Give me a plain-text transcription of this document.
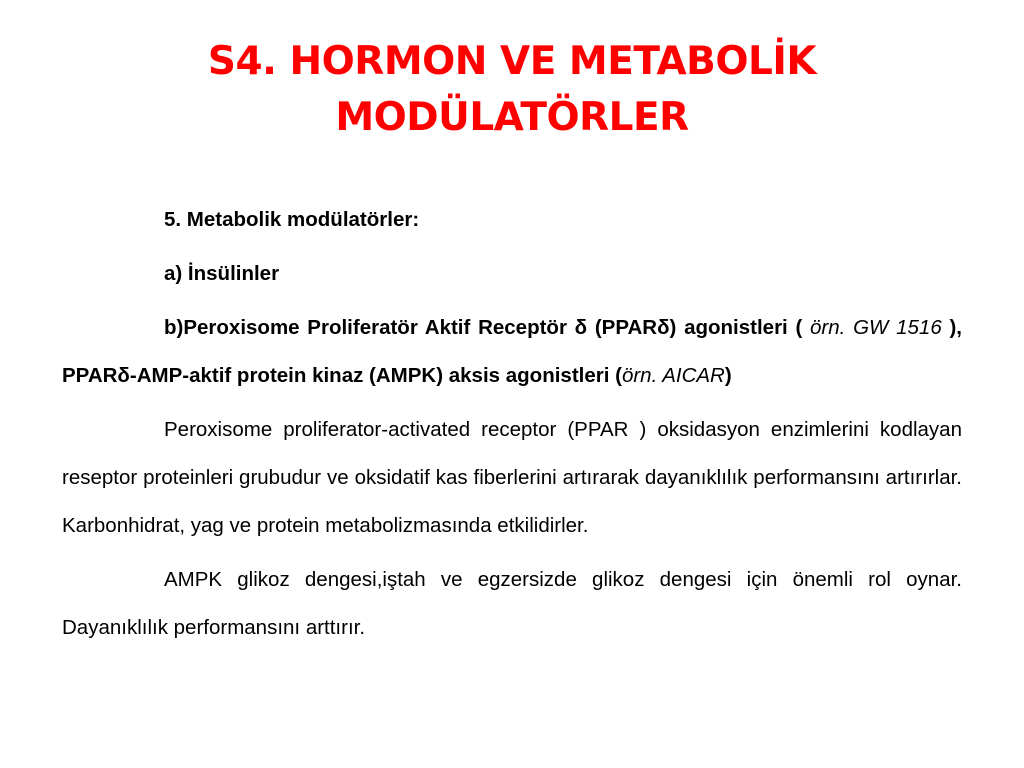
S4. HORMON VE METABOLİK
MODÜLATÖRLER

5. Metabolik modülatörler:

a) İnsülinler

b)Peroxisome Proliferatör Aktif Receptör δ (PPARδ) agonistleri ( örn. GW 1516 ), PPARδ-AMP-aktif protein kinaz (AMPK) aksis agonistleri (örn. AICAR)

Peroxisome proliferator-activated receptor (PPAR ) oksidasyon enzimlerini kodlayan reseptor proteinleri grubudur ve oksidatif kas fiberlerini artırarak dayanıklılık performansını artırırlar. Karbonhidrat, yag ve protein metabolizmasında etkilidirler.

AMPK glikoz dengesi,iştah ve egzersizde glikoz dengesi için önemli rol oynar. Dayanıklılık performansını arttırır.
